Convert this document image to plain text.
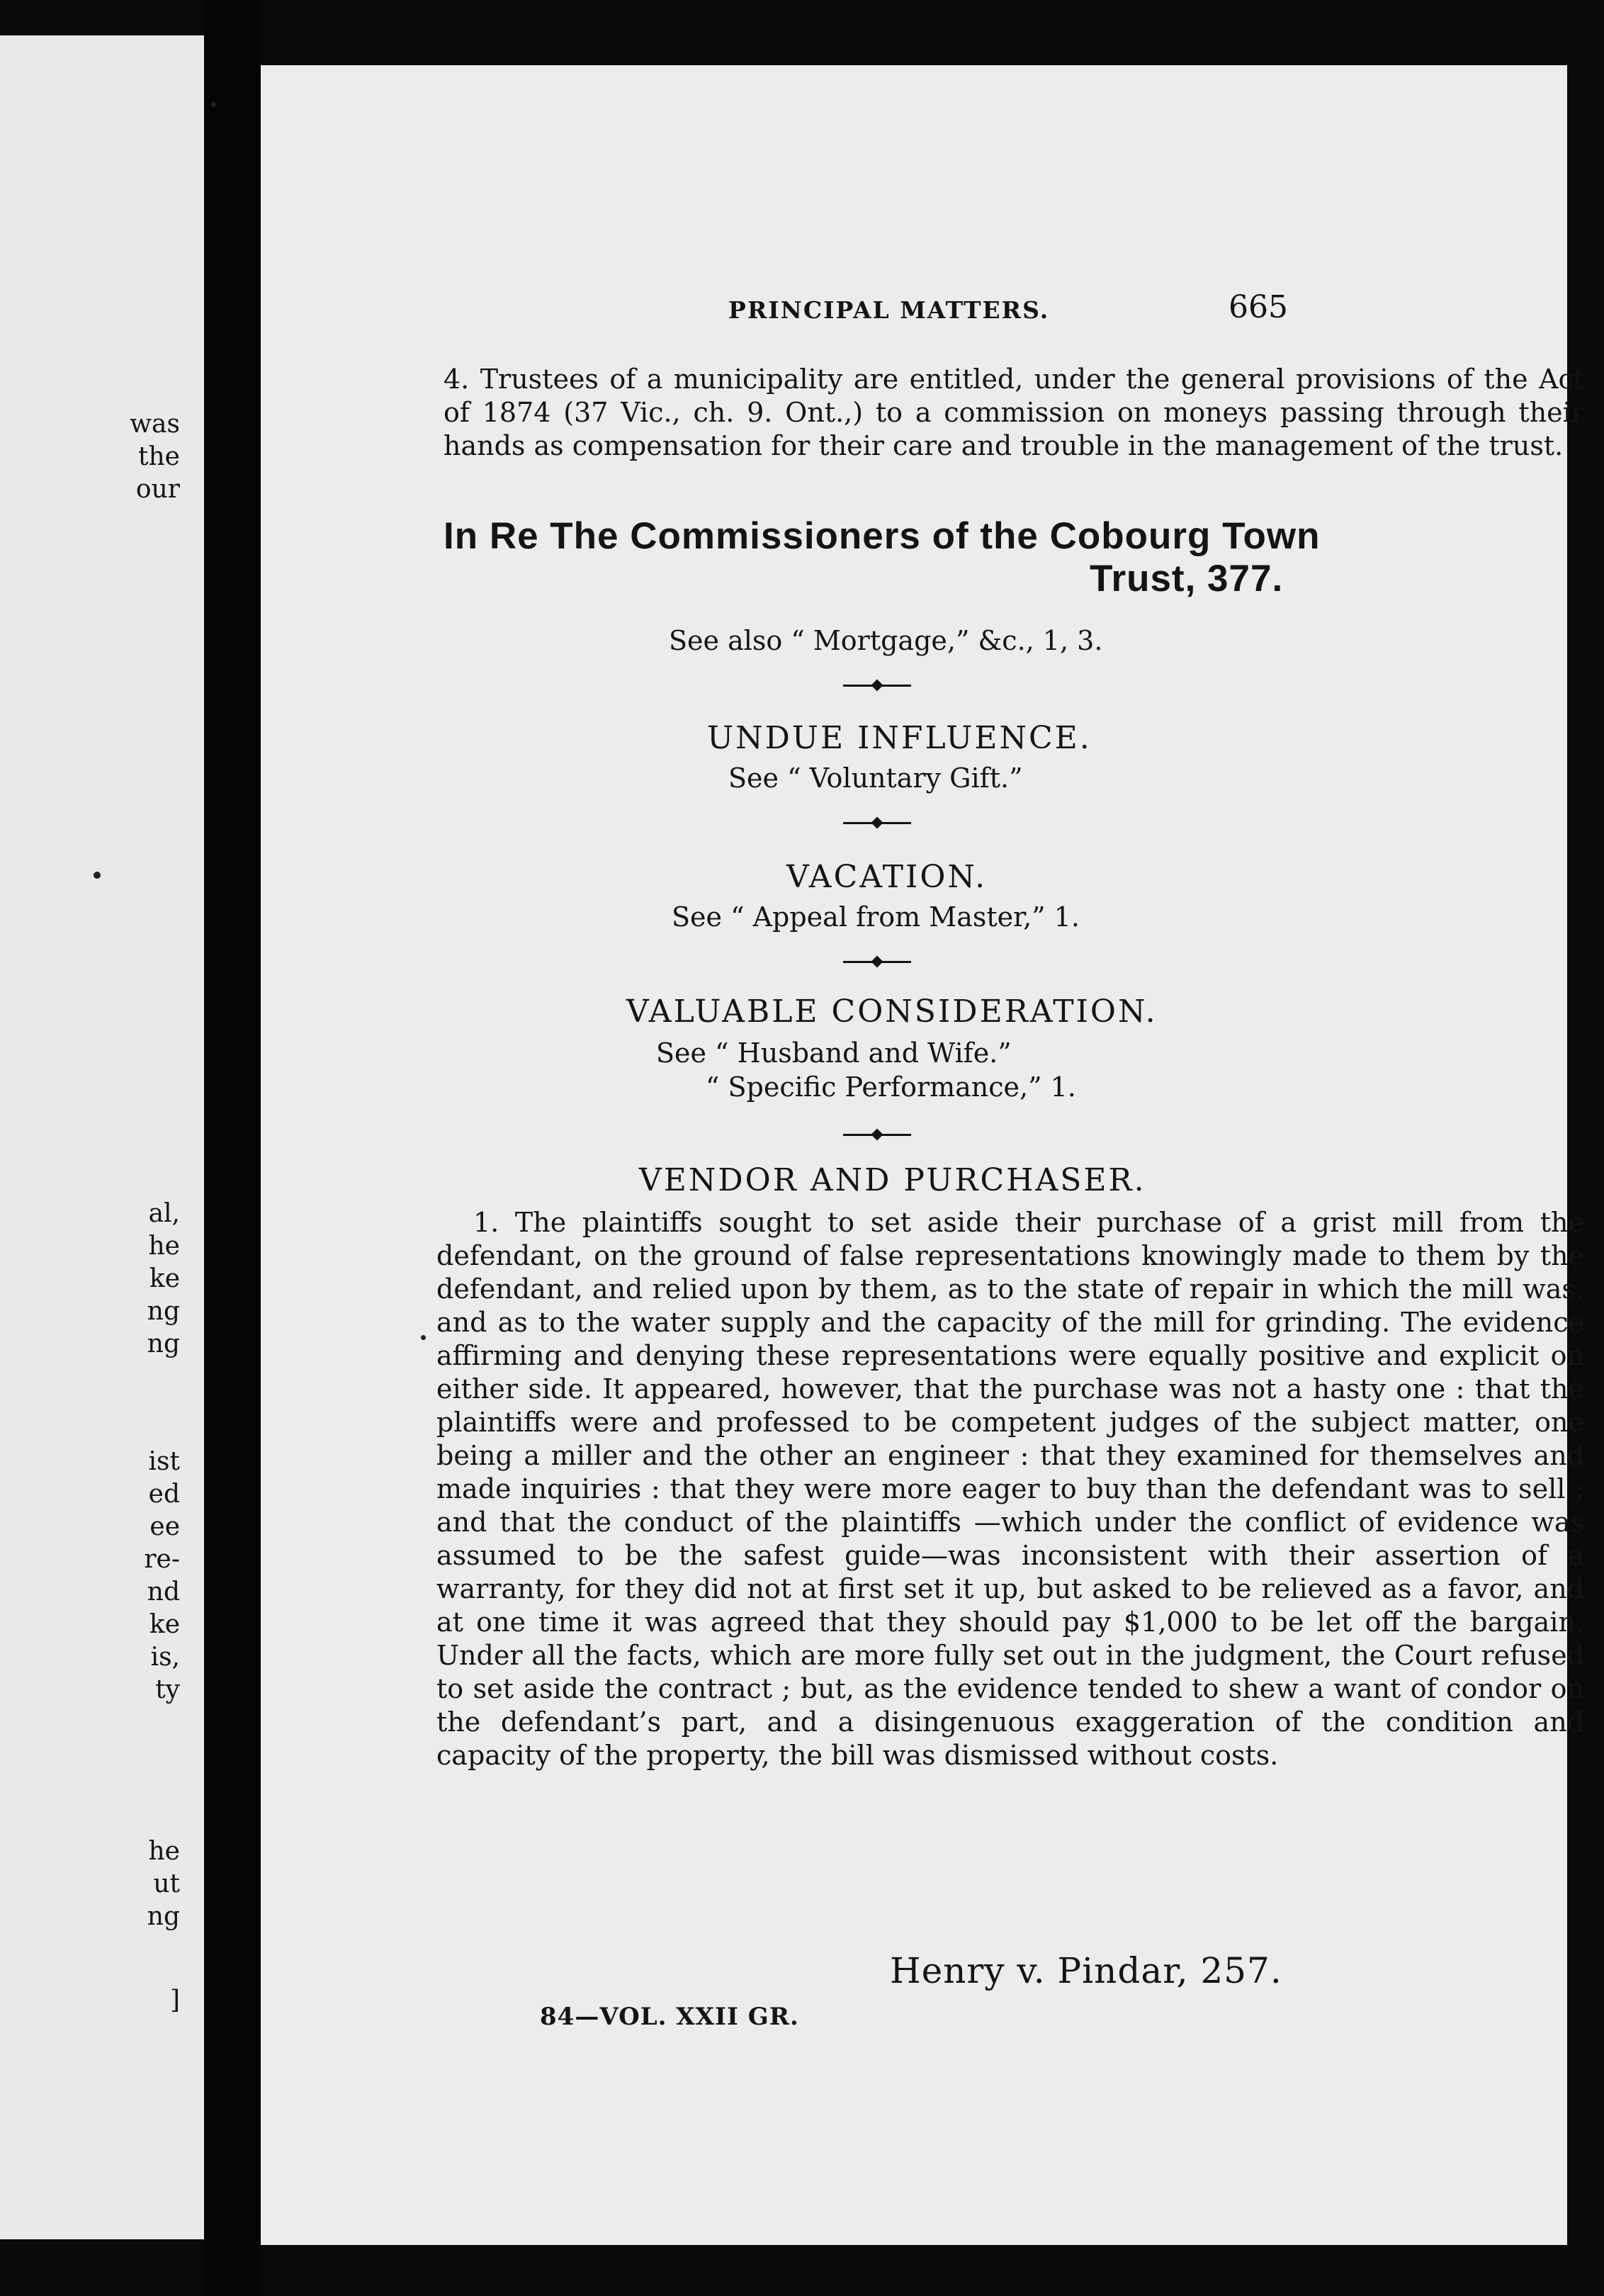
was
the
our
al,
he
ke
ng
ng
ist
ed
ee
re-
nd
ke
is,
ty
he
ut
ng
]
PRINCIPAL MATTERS.	665
4. Trustees of a municipality are entitled, under the general provisions of the Act of 1874 (37 Vic., ch. 9. Ont.,) to a commission on moneys passing through their hands as compensation for their care and trouble in the management of the trust.
In Re The Commissioners of the Cobourg Town
Trust, 377.
See also “ Mortgage,” &c., 1, 3.
UNDUE INFLUENCE.
See “ Voluntary Gift.”
VACATION.
See “ Appeal from Master,” 1.
VALUABLE CONSIDERATION.
See “ Husband and Wife.”
“ Specific Performance,” 1.
VENDOR AND PURCHASER.
1. The plaintiffs sought to set aside their purchase of a grist mill from the defendant, on the ground of false representations knowingly made to them by the defendant, and relied upon by them, as to the state of repair in which the mill was, and as to the water supply and the capacity of the mill for grinding. The evidence affirming and denying these representations were equally positive and explicit on either side. It appeared, however, that the purchase was not a hasty one : that the plaintiffs were and professed to be competent judges of the subject matter, one being a miller and the other an engineer : that they examined for themselves and made inquiries : that they were more eager to buy than the defendant was to sell ; and that the conduct of the plaintiffs —which under the conflict of evidence was assumed to be the safest guide—was inconsistent with their assertion of a warranty, for they did not at first set it up, but asked to be relieved as a favor, and at one time it was agreed that they should pay $1,000 to be let off the bargain. Under all the facts, which are more fully set out in the judgment, the Court refused to set aside the contract ; but, as the evidence tended to shew a want of condor on the defendant’s part, and a disingenuous exaggeration of the condition and capacity of the property, the bill was dismissed without costs.
Henry v. Pindar, 257.
84—VOL. XXII GR.
